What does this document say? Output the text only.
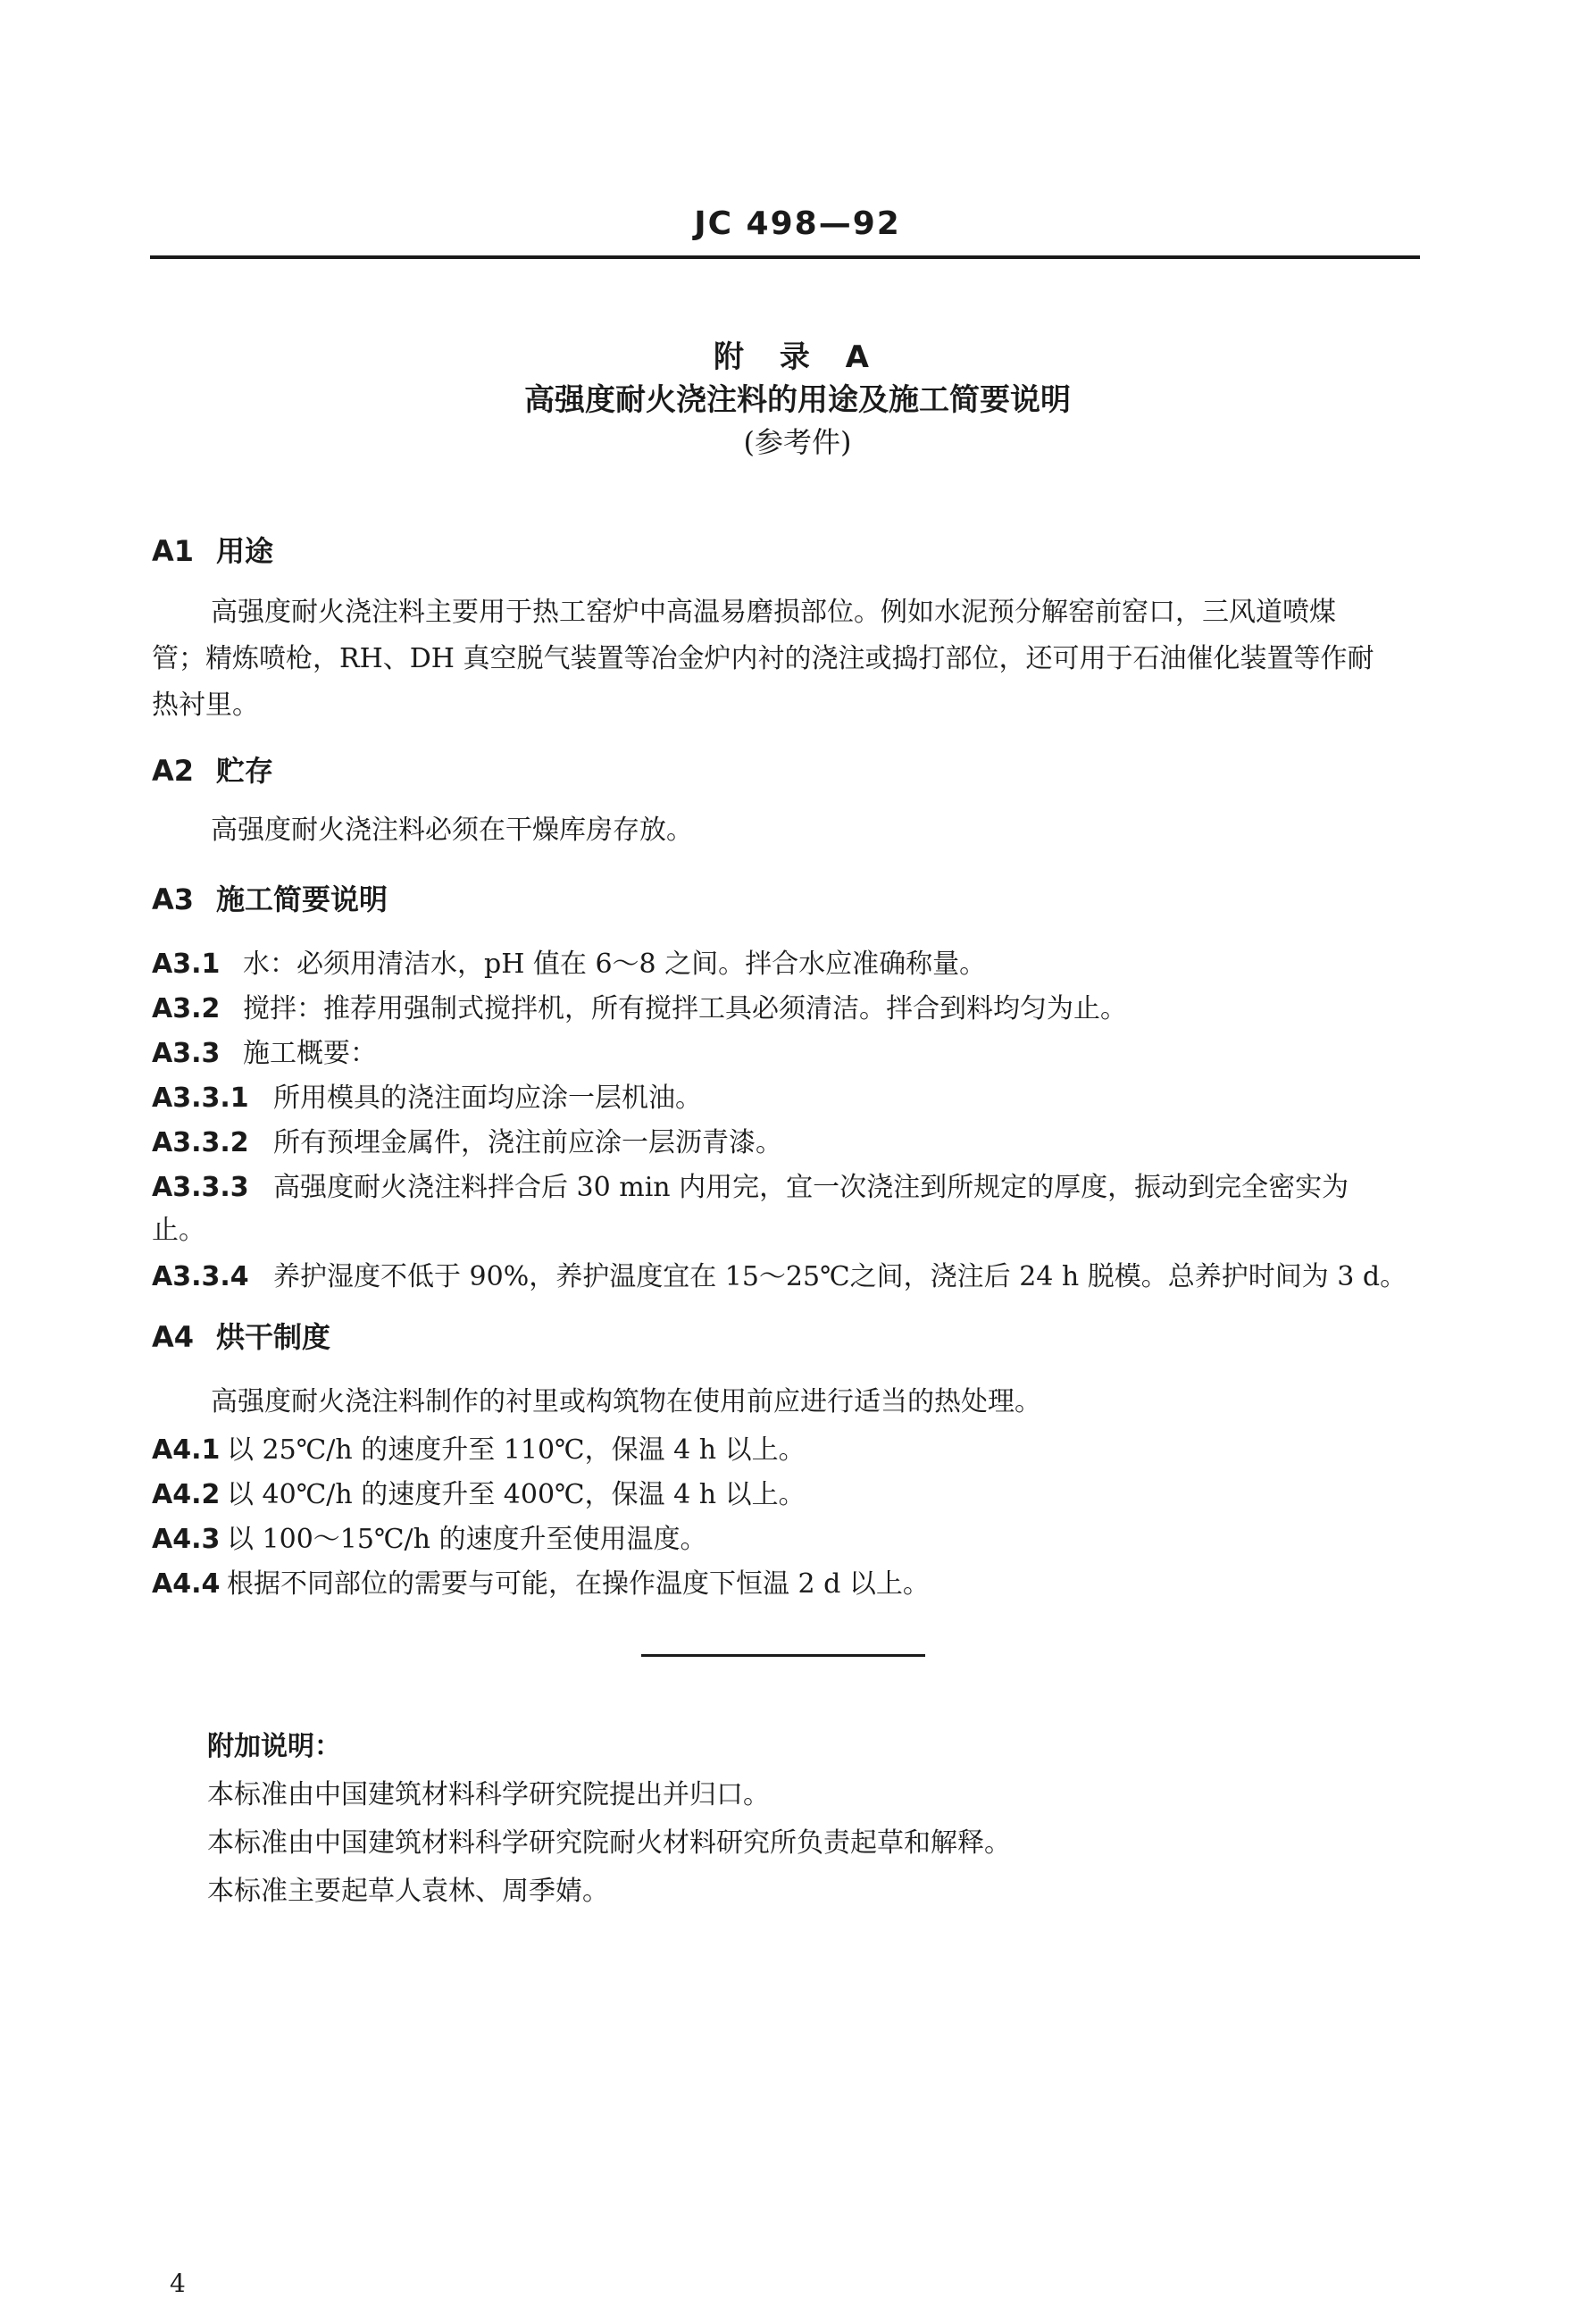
JC 498—92
附 录 A
高强度耐火浇注料的用途及施工简要说明
(参考件)
A1 用途
高强度耐火浇注料主要用于热工窑炉中高温易磨损部位。例如水泥预分解窑前窑口，三风道喷煤
管；精炼喷枪，RH、DH 真空脱气装置等冶金炉内衬的浇注或捣打部位，还可用于石油催化装置等作耐
热衬里。
A2 贮存
高强度耐火浇注料必须在干燥库房存放。
A3 施工简要说明
A3.1 水：必须用清洁水，pH 值在 6～8 之间。拌合水应准确称量。
A3.2 搅拌：推荐用强制式搅拌机，所有搅拌工具必须清洁。拌合到料均匀为止。
A3.3 施工概要：
A3.3.1 所用模具的浇注面均应涂一层机油。
A3.3.2 所有预埋金属件，浇注前应涂一层沥青漆。
A3.3.3 高强度耐火浇注料拌合后 30 min 内用完，宜一次浇注到所规定的厚度，振动到完全密实为
止。
A3.3.4 养护湿度不低于 90%，养护温度宜在 15～25℃之间，浇注后 24 h 脱模。总养护时间为 3 d。
A4 烘干制度
高强度耐火浇注料制作的衬里或构筑物在使用前应进行适当的热处理。
A4.1 以 25℃/h 的速度升至 110℃，保温 4 h 以上。
A4.2 以 40℃/h 的速度升至 400℃，保温 4 h 以上。
A4.3 以 100～15℃/h 的速度升至使用温度。
A4.4 根据不同部位的需要与可能，在操作温度下恒温 2 d 以上。
附加说明：
本标准由中国建筑材料科学研究院提出并归口。
本标准由中国建筑材料科学研究院耐火材料研究所负责起草和解释。
本标准主要起草人袁林、周季婧。
4
